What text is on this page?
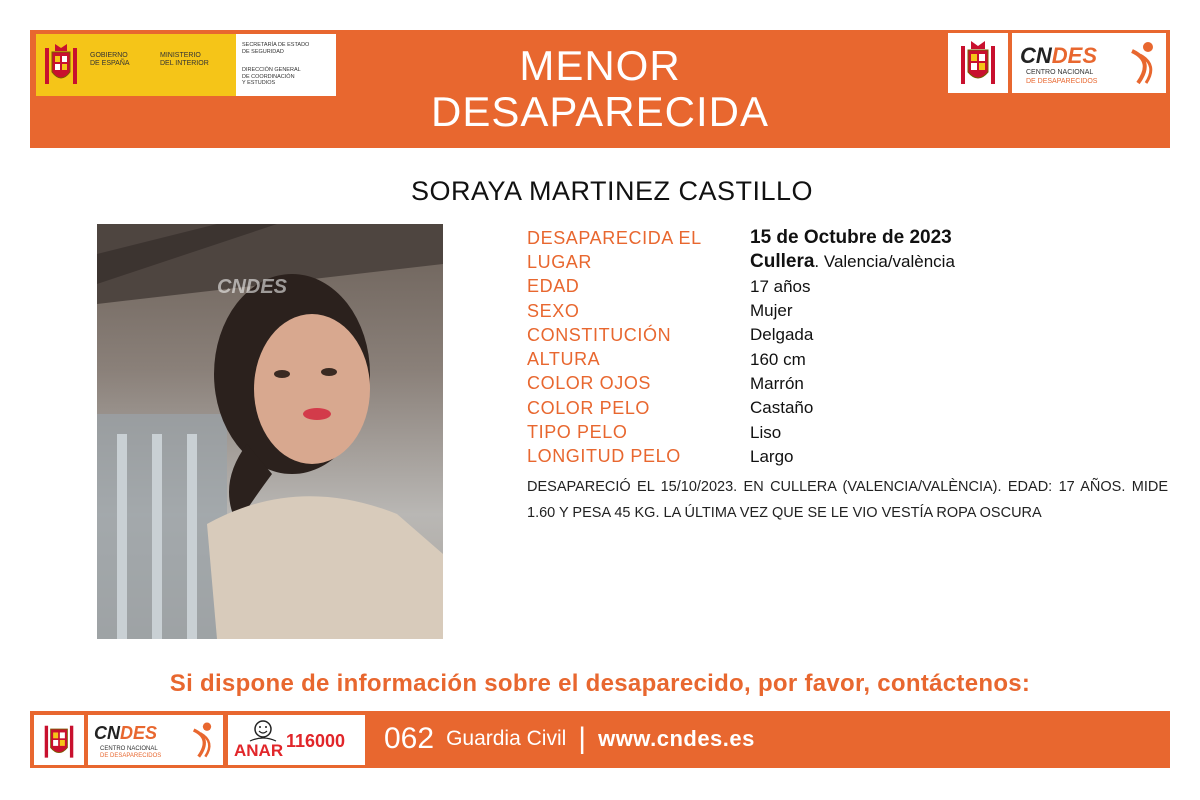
GOBIERNO
DE ESPAÑA
MINISTERIO
DEL INTERIOR
SECRETARÍA DE ESTADO
DE SEGURIDAD
DIRECCIÓN GENERAL
DE COORDINACIÓN
Y ESTUDIOS	MENOR
DESAPARECIDA
CNDES
CENTRO NACIONAL
DE DESAPARECIDOS
SORAYA MARTINEZ CASTILLO
CNDES
DESAPARECIDA EL	15 de Octubre de 2023
LUGAR	Cullera. Valencia/valència
EDAD	17 años
SEXO	Mujer
CONSTITUCIÓN	Delgada
ALTURA	160 cm
COLOR OJOS	Marrón
COLOR PELO	Castaño
TIPO PELO	Liso
LONGITUD PELO	Largo
DESAPARECIÓ EL 15/10/2023. EN CULLERA (VALENCIA/VALÈNCIA). EDAD: 17 AÑOS. MIDE 1.60 Y PESA 45 KG. LA ÚLTIMA VEZ QUE SE LE VIO VESTÍA ROPA OSCURA
Si dispone de información sobre el desaparecido, por favor, contáctenos:
CNDES
CENTRO NACIONAL
DE DESAPARECIDOS	ANAR 116000 062 Guardia Civil | www.cndes.es
